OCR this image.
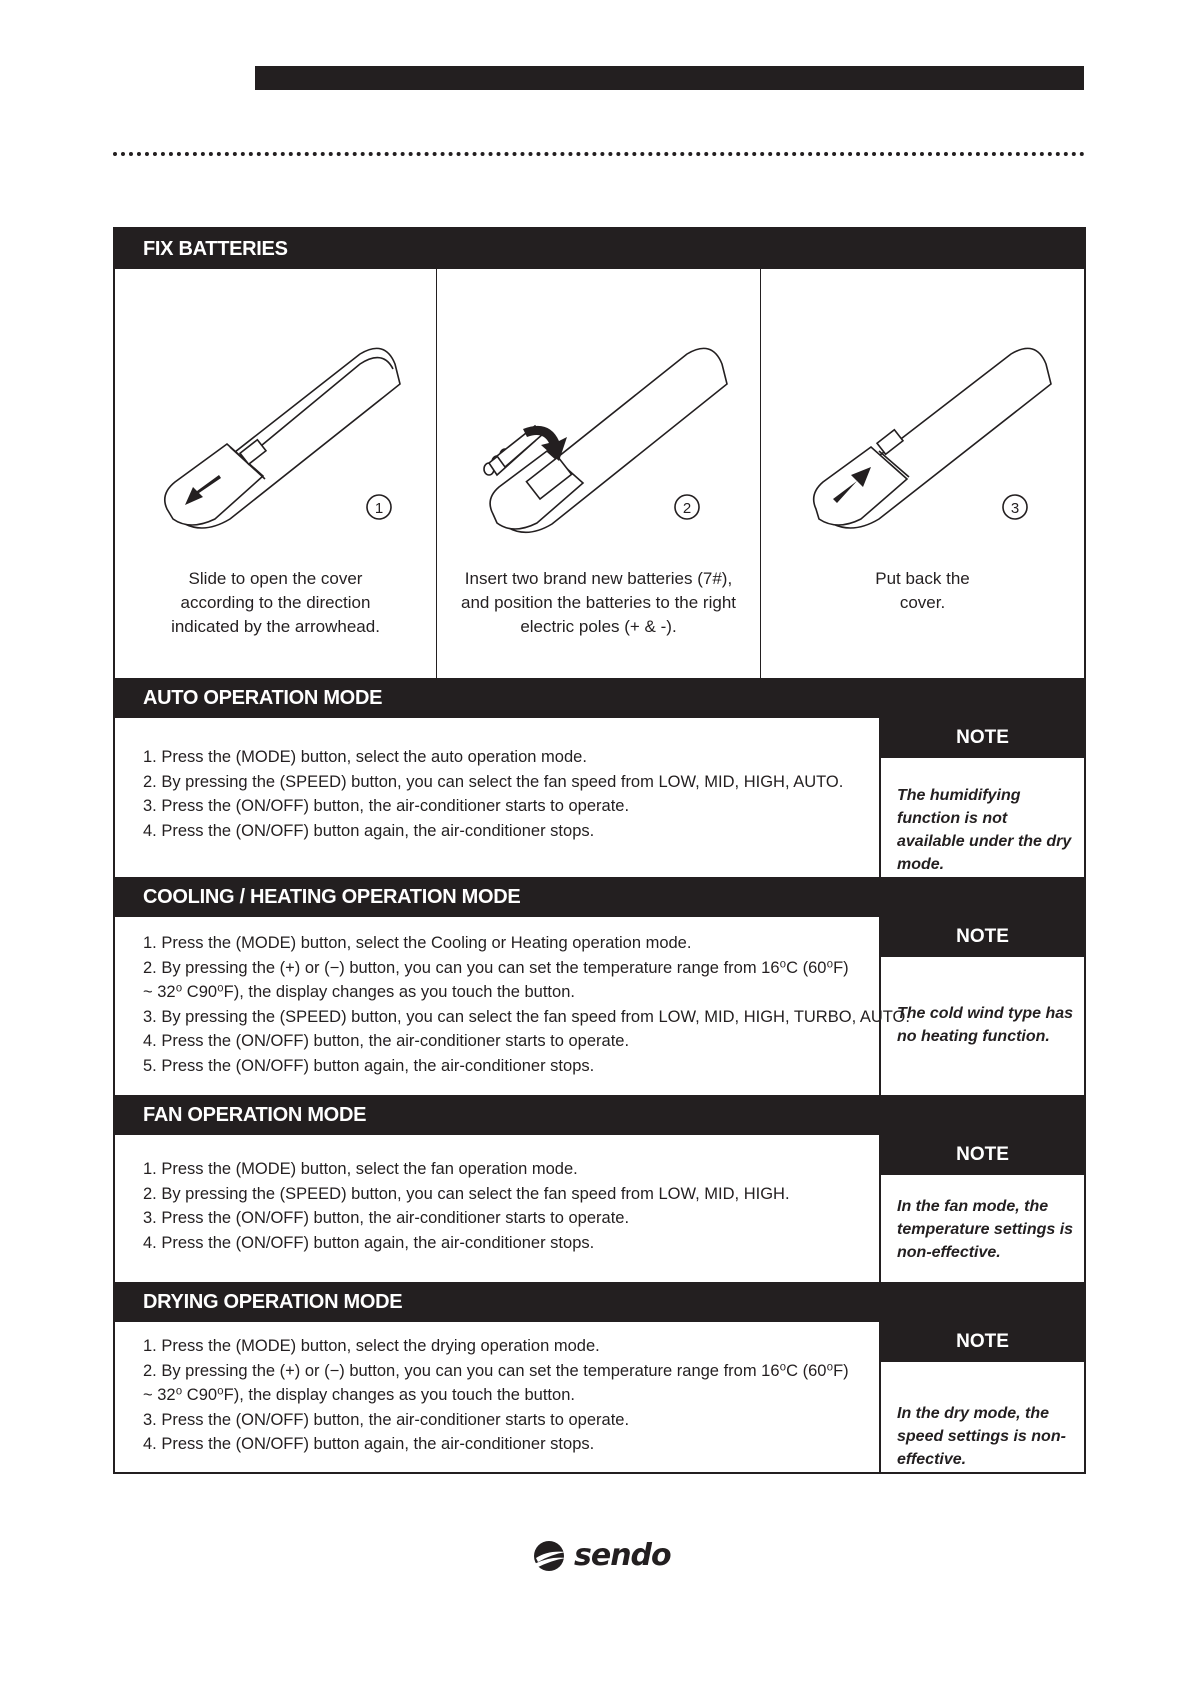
FIX BATTERIES
1
Slide to open the cover according to the direction indicated by the arrowhead.
2
Insert two brand new batteries (7#), and position the batteries to the right electric poles (+ & -).
3
Put back the cover.
AUTO OPERATION MODE
1. Press the (MODE) button, select the auto operation mode.
2. By pressing the (SPEED) button, you can select the fan speed from LOW, MID, HIGH, AUTO.
3. Press the (ON/OFF) button, the air-conditioner starts to operate.
4. Press the (ON/OFF) button again, the air-conditioner stops.
NOTE
The humidifying function is not available under the dry mode.
COOLING / HEATING OPERATION MODE
1. Press the (MODE) button, select the Cooling or Heating operation mode.
2. By pressing the (+) or (−) button, you can you can set the temperature range from 16⁰C (60⁰F) ~ 32⁰ C90⁰F), the display changes as you touch the button.
3. By pressing the (SPEED) button, you can select the fan speed from LOW, MID, HIGH, TURBO, AUTO.
4. Press the (ON/OFF) button, the air-conditioner starts to operate.
5. Press the (ON/OFF) button again, the air-conditioner stops.
NOTE
The cold wind type has no heating function.
FAN OPERATION MODE
1. Press the (MODE) button, select the fan operation mode.
2. By pressing the (SPEED) button, you can select the fan speed from LOW, MID, HIGH.
3. Press the (ON/OFF) button, the air-conditioner starts to operate.
4. Press the (ON/OFF) button again, the air-conditioner stops.
NOTE
In the fan mode, the temperature settings is non-effective.
DRYING OPERATION MODE
1. Press the (MODE) button, select the drying operation mode.
2. By pressing the (+) or (−) button, you can you can set the temperature range from 16⁰C (60⁰F) ~ 32⁰ C90⁰F), the display changes as you touch the button.
3. Press the (ON/OFF) button, the air-conditioner starts to operate.
4. Press the (ON/OFF) button again, the air-conditioner stops.
NOTE
In the dry mode, the speed settings is non-effective.
sendo
